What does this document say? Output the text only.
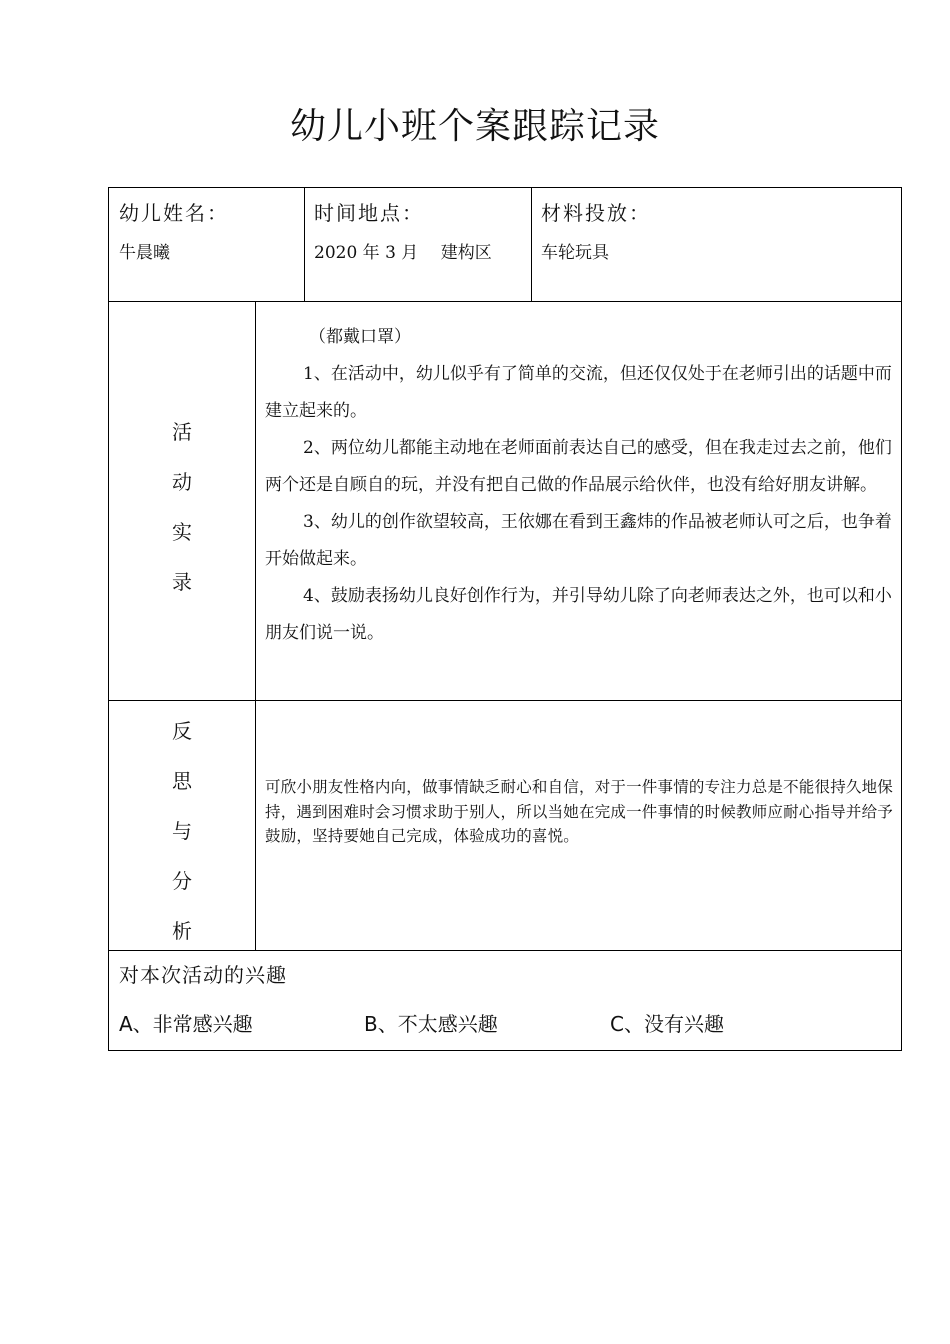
幼儿小班个案跟踪记录
幼儿姓名：
牛晨曦
时间地点：
2020 年 3 月　 建构区
材料投放：
车轮玩具
活
动
实
录

（都戴口罩）

1、在活动中，幼儿似乎有了简单的交流，但还仅仅处于在老师引出的话题中而建立起来的。

2、两位幼儿都能主动地在老师面前表达自己的感受，但在我走过去之前，他们两个还是自顾自的玩，并没有把自己做的作品展示给伙伴，也没有给好朋友讲解。

3、幼儿的创作欲望较高，王依娜在看到王鑫炜的作品被老师认可之后，也争着开始做起来。

4、鼓励表扬幼儿良好创作行为，并引导幼儿除了向老师表达之外，也可以和小朋友们说一说。

反
思
与
分
析
可欣小朋友性格内向，做事情缺乏耐心和自信，对于一件事情的专注力总是不能很持久地保持，遇到困难时会习惯求助于别人，所以当她在完成一件事情的时候教师应耐心指导并给予鼓励，坚持要她自己完成，体验成功的喜悦。
对本次活动的兴趣
A、非常感兴趣	B、不太感兴趣	C、没有兴趣
